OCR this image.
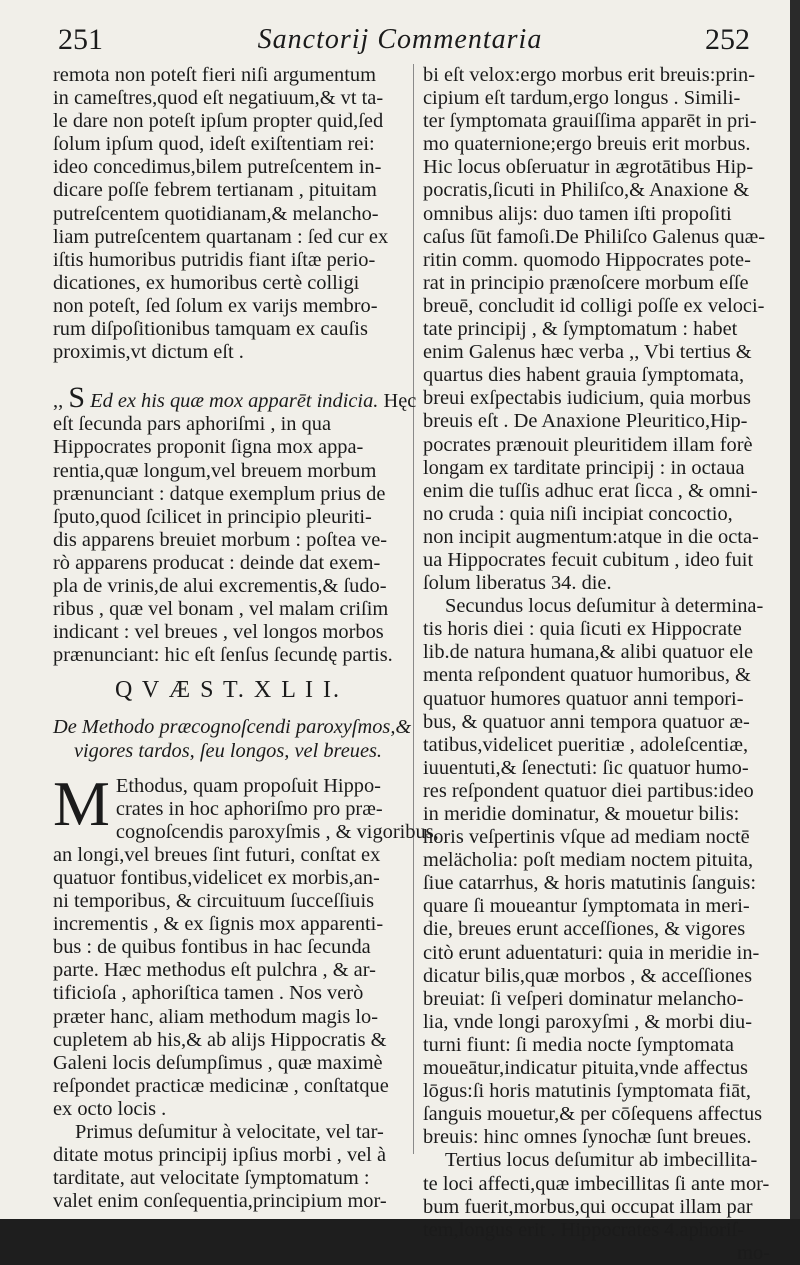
Sanctorij Commentaria
251	252
remota non poteſt fieri niſi argumentum
in cameſtres,quod eſt negatiuum,& vt ta-
le dare non poteſt ipſum propter quid,ſed
ſolum ipſum quod, ideſt exiſtentiam rei:
ideo concedimus,bilem putreſcentem in-
dicare poſſe febrem tertianam , pituitam
putreſcentem quotidianam,& melancho-
liam putreſcentem quartanam : ſed cur ex
iſtis humoribus putridis fiant iſtæ perio-
dicationes, ex humoribus certè colligi
non poteſt, ſed ſolum ex varijs membro-
rum diſpoſitionibus tamquam ex cauſis
proximis,vt dictum eſt .
,, S Ed ex his quæ mox apparēt indicia. Hęc
eſt ſecunda pars aphoriſmi , in qua
Hippocrates proponit ſigna mox appa-
rentia,quæ longum,vel breuem morbum
prænunciant : datque exemplum prius de
ſputo,quod ſcilicet in principio pleuriti-
dis apparens breuiet morbum : poſtea ve-
rò apparens producat : deinde dat exem-
pla de vrinis,de alui excrementis,& ſudo-
ribus , quæ vel bonam , vel malam criſim
indicant : vel breues , vel longos morbos
prænunciant: hic eſt ſenſus ſecundę partis.
Q V Æ S T. X L I I.
De Methodo præcognoſcendi paroxyſmos,&
vigores tardos, ſeu longos, vel breues.
M Ethodus, quam propoſuit Hippo-
crates in hoc aphoriſmo pro præ-
cognoſcendis paroxyſmis , & vigoribus,
an longi,vel breues ſint futuri, conſtat ex
quatuor fontibus,videlicet ex morbis,an-
ni temporibus, & circuituum ſucceſſiuis
incrementis , & ex ſignis mox apparenti-
bus : de quibus fontibus in hac ſecunda
parte. Hæc methodus eſt pulchra , & ar-
tificioſa , aphoriſtica tamen . Nos verò
præter hanc, aliam methodum magis lo-
cupletem ab his,& ab alijs Hippocratis &
Galeni locis deſumpſimus , quæ maximè
reſpondet practicæ medicinæ , conſtatque
ex octo locis .
Primus deſumitur à velocitate, vel tar-
ditate motus principij ipſius morbi , vel à
tarditate, aut velocitate ſymptomatum :
valet enim conſequentia,principium mor-
bi eſt velox:ergo morbus erit breuis:prin-
cipium eſt tardum,ergo longus . Simili-
ter ſymptomata grauiſſima apparēt in pri-
mo quaternione;ergo breuis erit morbus.
Hic locus obſeruatur in ægrotātibus Hip-
pocratis,ſicuti in Philiſco,& Anaxione &
omnibus alijs: duo tamen iſti propoſiti
caſus ſūt famoſi.De Philiſco Galenus quæ-
ritin comm. quomodo Hippocrates pote-
rat in principio prænoſcere morbum eſſe
breuē, concludit id colligi poſſe ex veloci-
tate principij , & ſymptomatum : habet
enim Galenus hæc verba ,, Vbi tertius &
quartus dies habent grauia ſymptomata,
breui exſpectabis iudicium, quia morbus
breuis eſt . De Anaxione Pleuritico,Hip-
pocrates prænouit pleuritidem illam forè
longam ex tarditate principij : in octaua
enim die tuſſis adhuc erat ſicca , & omni-
no cruda : quia niſi incipiat concoctio,
non incipit augmentum:atque in die octa-
ua Hippocrates fecuit cubitum , ideo fuit
ſolum liberatus 34. die.
Secundus locus deſumitur à determina-
tis horis diei : quia ſicuti ex Hippocrate
lib.de natura humana,& alibi quatuor ele
menta reſpondent quatuor humoribus, &
quatuor humores quatuor anni tempori-
bus, & quatuor anni tempora quatuor æ-
tatibus,videlicet pueritiæ , adoleſcentiæ,
iuuentuti,& ſenectuti: ſic quatuor humo-
res reſpondent quatuor diei partibus:ideo
in meridie dominatur, & mouetur bilis:
horis veſpertinis vſque ad mediam noctē
melächolia: poſt mediam noctem pituita,
ſiue catarrhus, & horis matutinis ſanguis:
quare ſi moueantur ſymptomata in meri-
die, breues erunt acceſſiones, & vigores
citò erunt aduentaturi: quia in meridie in-
dicatur bilis,quæ morbos , & acceſſiones
breuiat: ſi veſperi dominatur melancho-
lia, vnde longi paroxyſmi , & morbi diu-
turni fiunt: ſi media nocte ſymptomata
moueātur,indicatur pituita,vnde affectus
lōgus:ſi horis matutinis ſymptomata fiāt,
ſanguis mouetur,& per cōſequens affectus
breuis: hinc omnes ſynochæ ſunt breues.
Tertius locus deſumitur ab imbecillita-
te loci affecti,quæ imbecillitas ſi ante mor-
bum fuerit,morbus,qui occupat illam par
tem,longus erit . Hippocrates 4.aphoriſ-
mo-
